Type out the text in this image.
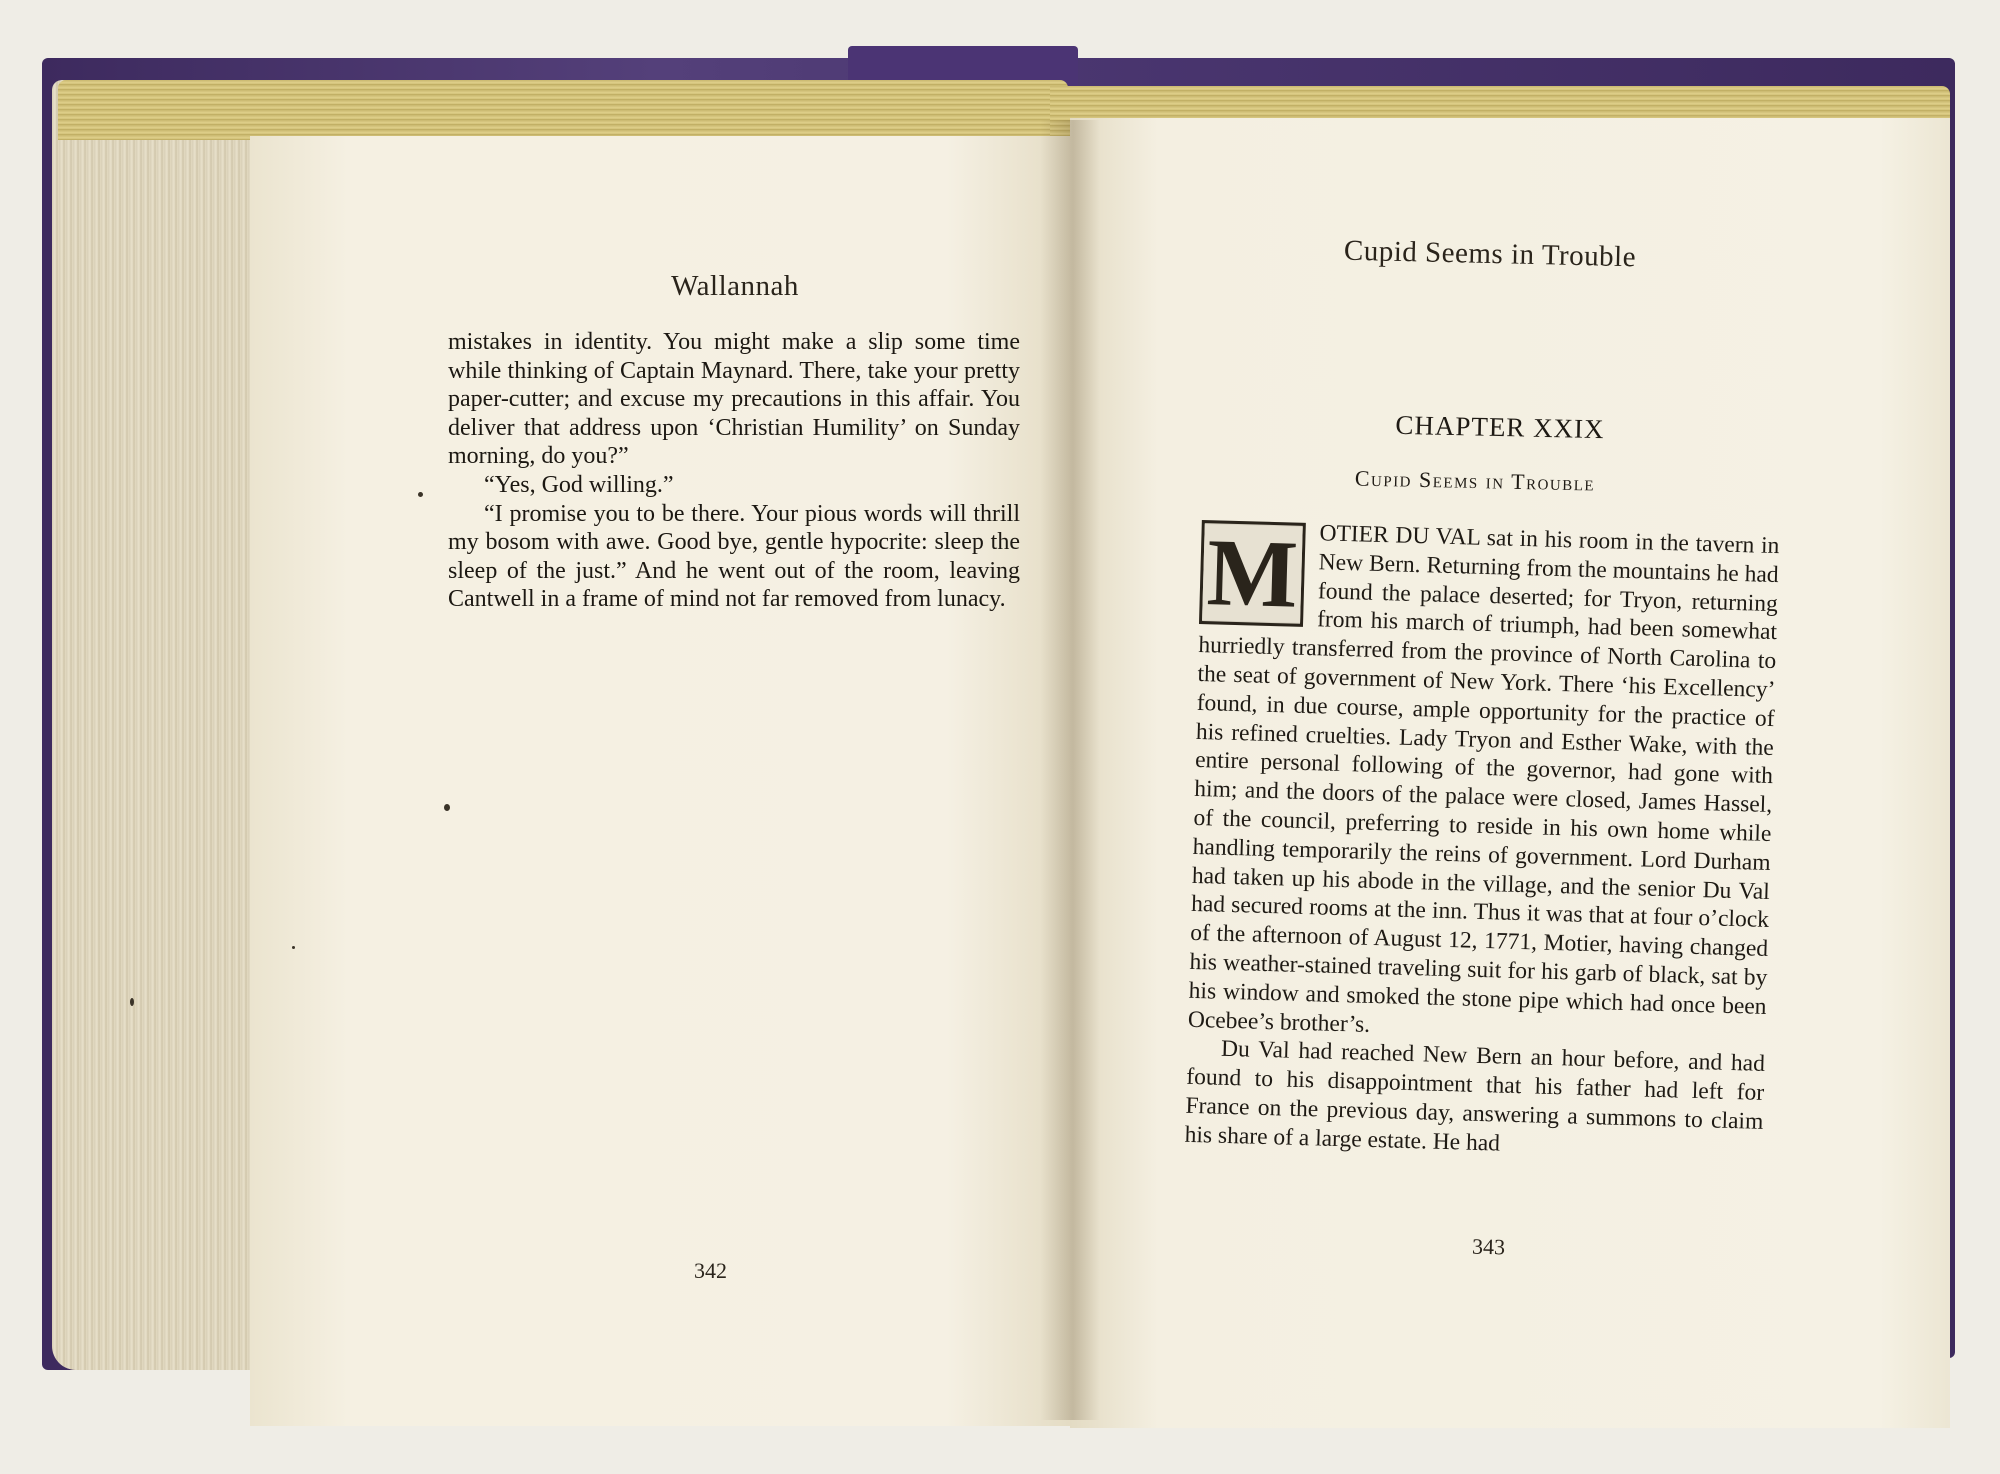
Wallannah

mistakes in identity. You might make a slip some time while thinking of Captain Maynard. There, take your pretty paper-cutter; and excuse my precautions in this affair. You deliver that address upon ‘Christian Humility’ on Sunday morning, do you?”

“Yes, God willing.”

“I promise you to be there. Your pious words will thrill my bosom with awe. Good bye, gentle hypocrite: sleep the sleep of the just.” And he went out of the room, leaving Cantwell in a frame of mind not far removed from lunacy.

342
Cupid Seems in Trouble
CHAPTER XXIX
Cupid Seems in Trouble

M OTIER DU VAL sat in his room in the tavern in New Bern. Returning from the mountains he had found the palace deserted; for Tryon, returning from his march of triumph, had been somewhat hurriedly transferred from the province of North Carolina to the seat of government of New York. There ‘his Excellency’ found, in due course, ample opportunity for the practice of his refined cruelties. Lady Tryon and Esther Wake, with the entire personal following of the governor, had gone with him; and the doors of the palace were closed, James Hassel, of the council, preferring to reside in his own home while handling temporarily the reins of government. Lord Durham had taken up his abode in the village, and the senior Du Val had secured rooms at the inn. Thus it was that at four o’clock of the afternoon of August 12, 1771, Motier, having changed his weather-stained traveling suit for his garb of black, sat by his window and smoked the stone pipe which had once been Ocebee’s brother’s.

Du Val had reached New Bern an hour before, and had found to his disappointment that his father had left for France on the previous day, answering a summons to claim his share of a large estate. He had

343
